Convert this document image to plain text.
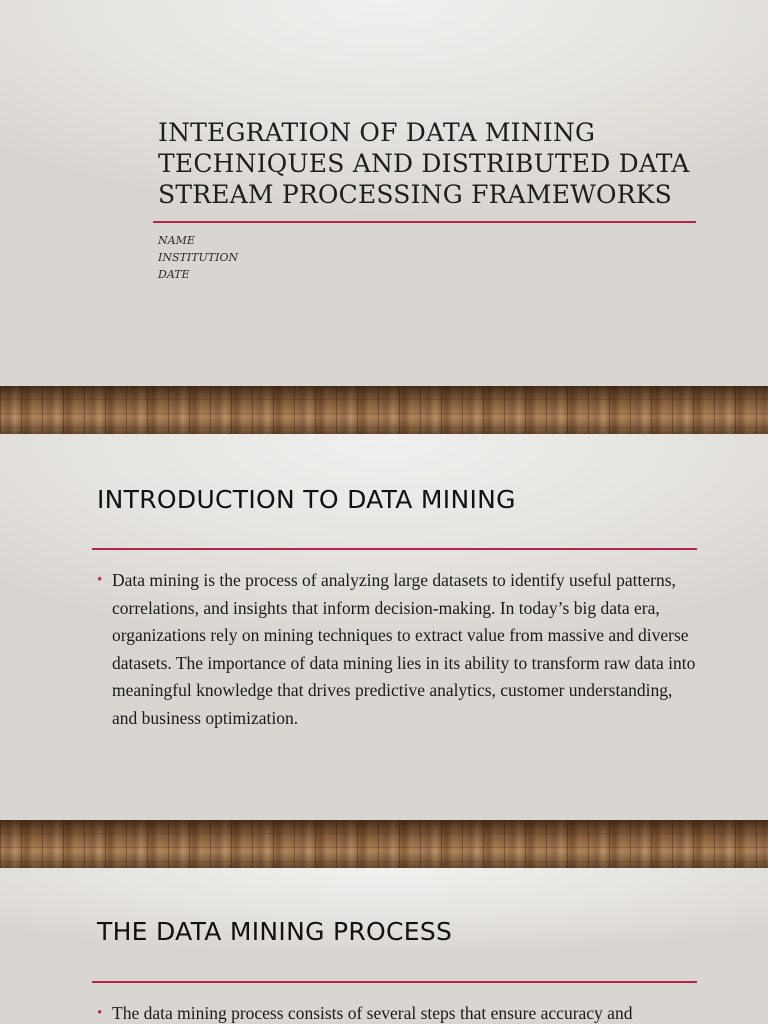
INTEGRATION OF DATA MINING TECHNIQUES AND DISTRIBUTED DATA STREAM PROCESSING FRAMEWORKS
NAME
INSTITUTION
DATE
INTRODUCTION TO DATA MINING
• Data mining is the process of analyzing large datasets to identify useful patterns, correlations, and insights that inform decision-making. In today’s big data era, organizations rely on mining techniques to extract value from massive and diverse datasets. The importance of data mining lies in its ability to transform raw data into meaningful knowledge that drives predictive analytics, customer understanding, and business optimization.
THE DATA MINING PROCESS
• The data mining process consists of several steps that ensure accuracy and
